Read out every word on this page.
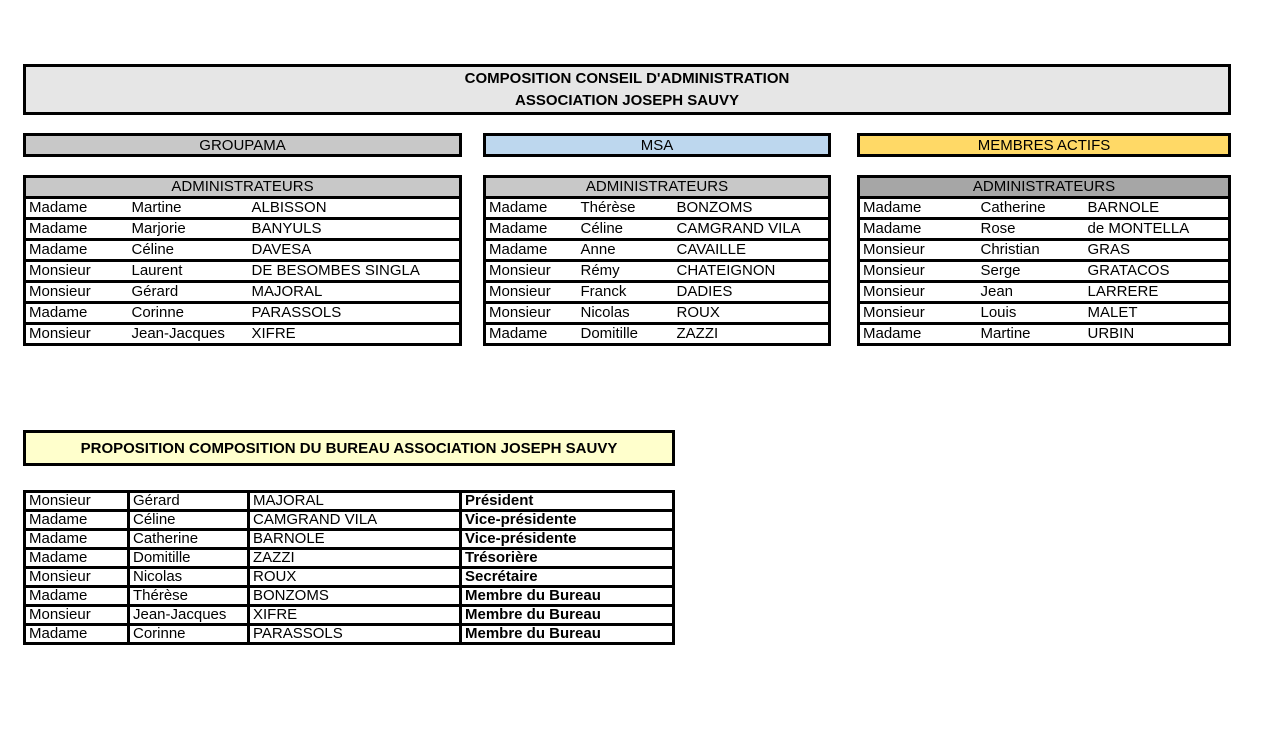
COMPOSITION CONSEIL D'ADMINISTRATION
ASSOCIATION JOSEPH SAUVY
GROUPAMA
ADMINISTRATEURS		
Madame	Martine	ALBISSON
Madame	Marjorie	BANYULS
Madame	Céline	DAVESA
Monsieur	Laurent	DE BESOMBES SINGLA
Monsieur	Gérard	MAJORAL
Madame	Corinne	PARASSOLS
Monsieur	Jean-Jacques	XIFRE
MSA
ADMINISTRATEURS		
Madame	Thérèse	BONZOMS
Madame	Céline	CAMGRAND VILA
Madame	Anne	CAVAILLE
Monsieur	Rémy	CHATEIGNON
Monsieur	Franck	DADIES
Monsieur	Nicolas	ROUX
Madame	Domitille	ZAZZI
MEMBRES ACTIFS
ADMINISTRATEURS		
Madame	Catherine	BARNOLE
Madame	Rose	de MONTELLA
Monsieur	Christian	GRAS
Monsieur	Serge	GRATACOS
Monsieur	Jean	LARRERE
Monsieur	Louis	MALET
Madame	Martine	URBIN
PROPOSITION COMPOSITION DU BUREAU ASSOCIATION JOSEPH SAUVY
Monsieur	Gérard	MAJORAL	Président
Madame	Céline	CAMGRAND VILA	Vice-présidente
Madame	Catherine	BARNOLE	Vice-présidente
Madame	Domitille	ZAZZI	Trésorière
Monsieur	Nicolas	ROUX	Secrétaire
Madame	Thérèse	BONZOMS	Membre du Bureau
Monsieur	Jean-Jacques	XIFRE	Membre du Bureau
Madame	Corinne	PARASSOLS	Membre du Bureau
